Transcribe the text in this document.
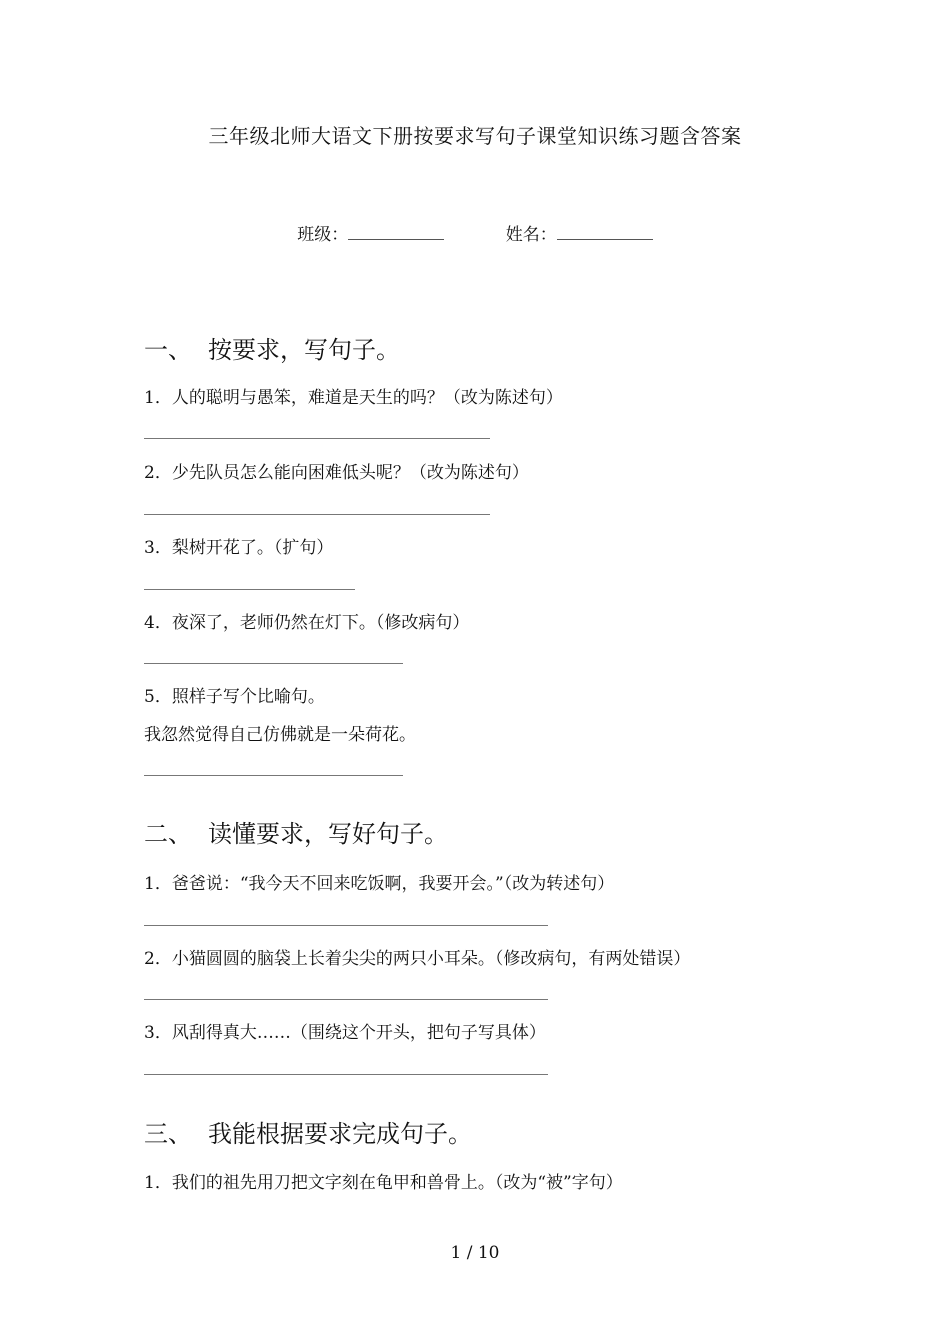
三年级北师大语文下册按要求写句子课堂知识练习题含答案
班级：	姓名：
一、 按要求，写句子。
1．人的聪明与愚笨，难道是天生的吗？（改为陈述句）
2．少先队员怎么能向困难低头呢？（改为陈述句）
3．梨树开花了。（扩句）
4．夜深了，老师仍然在灯下。（修改病句）
5．照样子写个比喻句。
我忽然觉得自己仿佛就是一朵荷花。
二、 读懂要求，写好句子。
1．爸爸说：“我今天不回来吃饭啊，我要开会。”（改为转述句）
2．小猫圆圆的脑袋上长着尖尖的两只小耳朵。（修改病句，有两处错误）
3．风刮得真大……（围绕这个开头，把句子写具体）
三、 我能根据要求完成句子。
1．我们的祖先用刀把文字刻在龟甲和兽骨上。（改为“被”字句）
1 / 10
